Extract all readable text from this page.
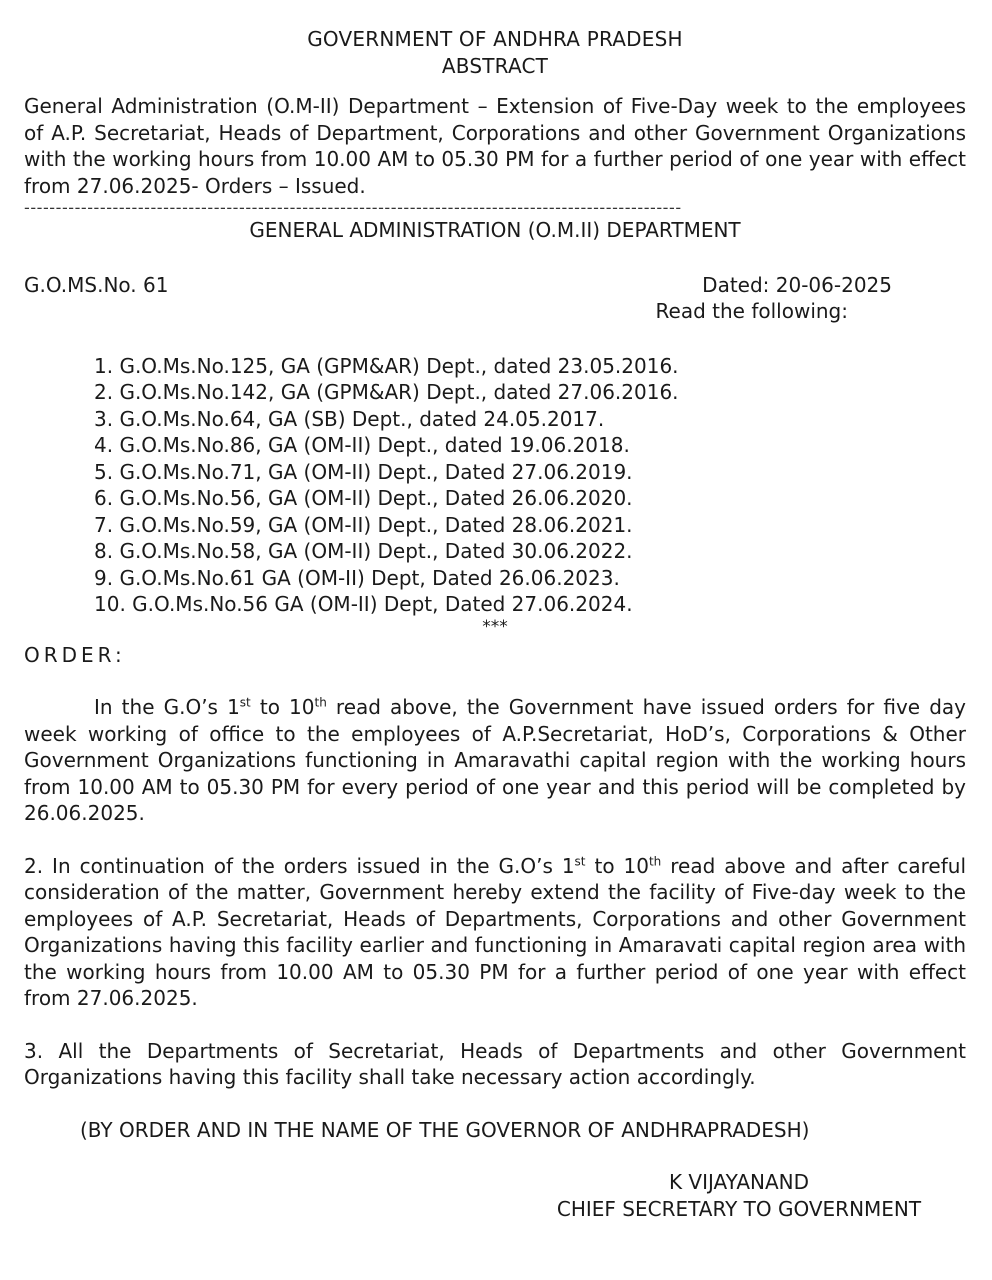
GOVERNMENT OF ANDHRA PRADESH
ABSTRACT
General Administration (O.M-II) Department – Extension of Five-Day week to the employees of A.P. Secretariat, Heads of Department, Corporations and other Government Organizations with the working hours from 10.00 AM to 05.30 PM for a further period of one year with effect from 27.06.2025- Orders – Issued.
--------------------------------------------------------------------------------------------------------
GENERAL ADMINISTRATION (O.M.II) DEPARTMENT
G.O.MS.No. 61	Dated: 20-06-2025
Read the following:
1. G.O.Ms.No.125, GA (GPM&AR) Dept., dated 23.05.2016.
2. G.O.Ms.No.142, GA (GPM&AR) Dept., dated 27.06.2016.
3. G.O.Ms.No.64, GA (SB) Dept., dated 24.05.2017.
4. G.O.Ms.No.86, GA (OM-II) Dept., dated 19.06.2018.
5. G.O.Ms.No.71, GA (OM-II) Dept., Dated 27.06.2019.
6. G.O.Ms.No.56, GA (OM-II) Dept., Dated 26.06.2020.
7. G.O.Ms.No.59, GA (OM-II) Dept., Dated 28.06.2021.
8. G.O.Ms.No.58, GA (OM-II) Dept., Dated 30.06.2022.
9. G.O.Ms.No.61 GA (OM-II) Dept, Dated 26.06.2023.
10. G.O.Ms.No.56 GA (OM-II) Dept, Dated 27.06.2024.
***
ORDER:
In the G.O’s 1st to 10th read above, the Government have issued orders for five day week working of office to the employees of A.P.Secretariat, HoD’s, Corporations & Other Government Organizations functioning in Amaravathi capital region with the working hours from 10.00 AM to 05.30 PM for every period of one year and this period will be completed by 26.06.2025.
2. In continuation of the orders issued in the G.O’s 1st to 10th read above and after careful consideration of the matter, Government hereby extend the facility of Five-day week to the employees of A.P. Secretariat, Heads of Departments, Corporations and other Government Organizations having this facility earlier and functioning in Amaravati capital region area with the working hours from 10.00 AM to 05.30 PM for a further period of one year with effect from 27.06.2025.
3. All the Departments of Secretariat, Heads of Departments and other Government Organizations having this facility shall take necessary action accordingly.
(BY ORDER AND IN THE NAME OF THE GOVERNOR OF ANDHRAPRADESH)
K VIJAYANAND
CHIEF SECRETARY TO GOVERNMENT
